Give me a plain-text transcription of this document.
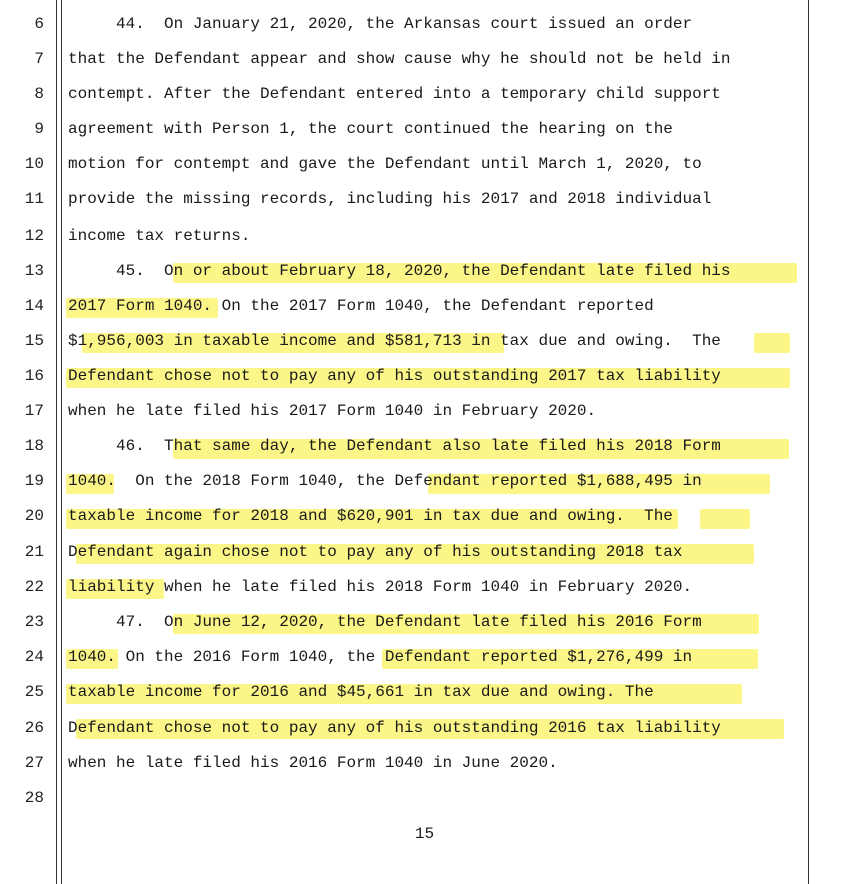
6
7
8
9
10
11
12
13
14
15
16
17
18
19
20
21
22
23
24
25
26
27
28
44.  On January 21, 2020, the Arkansas court issued an order
that the Defendant appear and show cause why he should not be held in
contempt. After the Defendant entered into a temporary child support
agreement with Person 1, the court continued the hearing on the
motion for contempt and gave the Defendant until March 1, 2020, to
provide the missing records, including his 2017 and 2018 individual
income tax returns.
45.  On or about February 18, 2020, the Defendant late filed his
2017 Form 1040. On the 2017 Form 1040, the Defendant reported
$1,956,003 in taxable income and $581,713 in tax due and owing.  The
Defendant chose not to pay any of his outstanding 2017 tax liability
when he late filed his 2017 Form 1040 in February 2020.
46.  That same day, the Defendant also late filed his 2018 Form
1040.  On the 2018 Form 1040, the Defendant reported $1,688,495 in
taxable income for 2018 and $620,901 in tax due and owing.  The
Defendant again chose not to pay any of his outstanding 2018 tax
liability when he late filed his 2018 Form 1040 in February 2020.
47.  On June 12, 2020, the Defendant late filed his 2016 Form
1040. On the 2016 Form 1040, the Defendant reported $1,276,499 in
taxable income for 2016 and $45,661 in tax due and owing. The
Defendant chose not to pay any of his outstanding 2016 tax liability
when he late filed his 2016 Form 1040 in June 2020.
15
